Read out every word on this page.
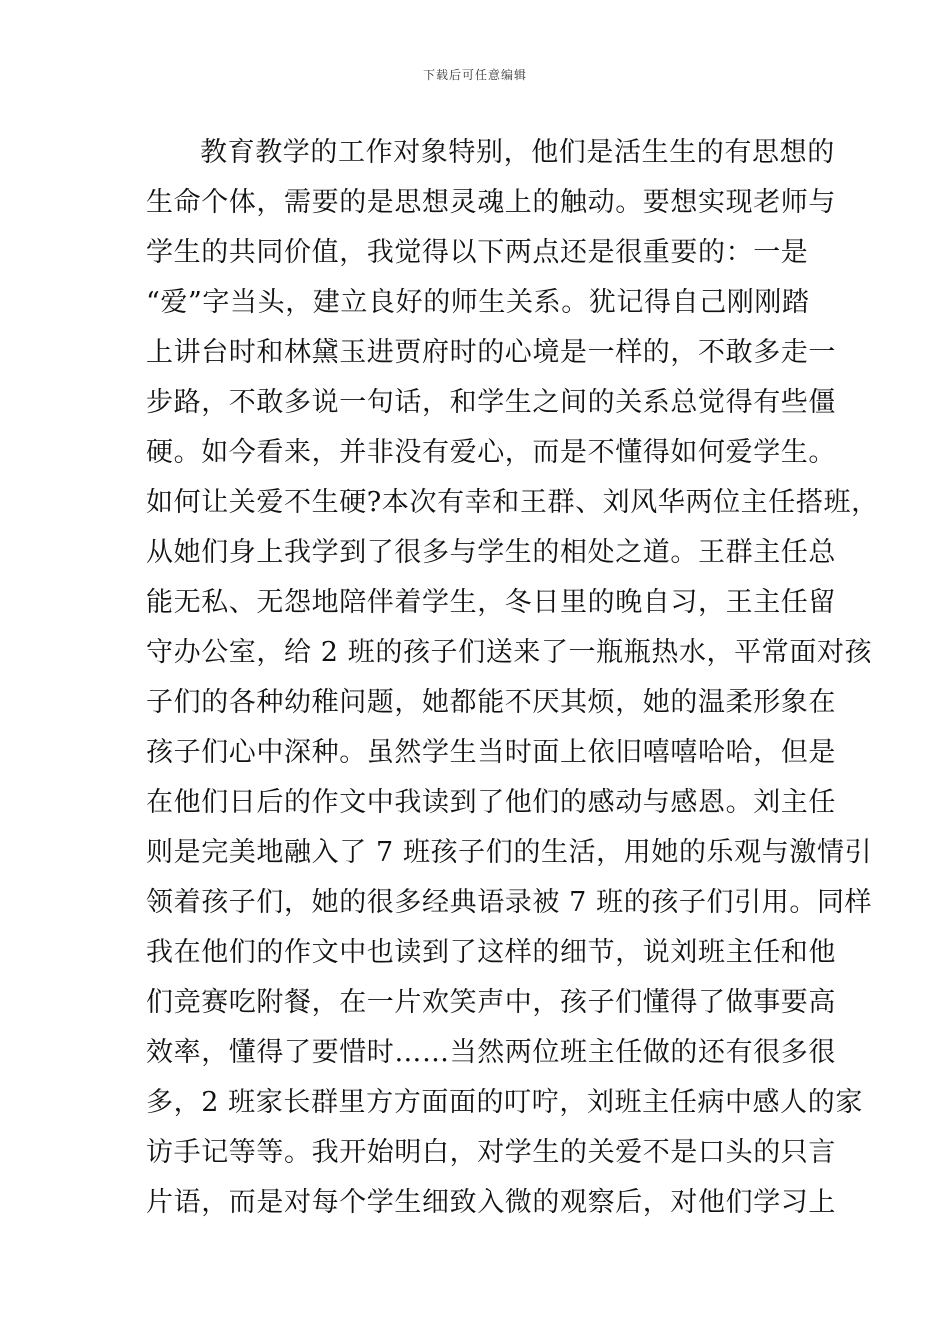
下载后可任意编辑
教育教学的工作对象特别，他们是活生生的有思想的
生命个体，需要的是思想灵魂上的触动。要想实现老师与
学生的共同价值，我觉得以下两点还是很重要的：一是
“爱”字当头，建立良好的师生关系。犹记得自己刚刚踏
上讲台时和林黛玉进贾府时的心境是一样的，不敢多走一
步路，不敢多说一句话，和学生之间的关系总觉得有些僵
硬。如今看来，并非没有爱心，而是不懂得如何爱学生。
如何让关爱不生硬?本次有幸和王群、刘风华两位主任搭班，
从她们身上我学到了很多与学生的相处之道。王群主任总
能无私、无怨地陪伴着学生，冬日里的晚自习，王主任留
守办公室，给 2 班的孩子们送来了一瓶瓶热水，平常面对孩
子们的各种幼稚问题，她都能不厌其烦，她的温柔形象在
孩子们心中深种。虽然学生当时面上依旧嘻嘻哈哈，但是
在他们日后的作文中我读到了他们的感动与感恩。刘主任
则是完美地融入了 7 班孩子们的生活，用她的乐观与激情引
领着孩子们，她的很多经典语录被 7 班的孩子们引用。同样
我在他们的作文中也读到了这样的细节，说刘班主任和他
们竞赛吃附餐，在一片欢笑声中，孩子们懂得了做事要高
效率，懂得了要惜时……当然两位班主任做的还有很多很
多，2 班家长群里方方面面的叮咛，刘班主任病中感人的家
访手记等等。我开始明白，对学生的关爱不是口头的只言
片语，而是对每个学生细致入微的观察后，对他们学习上
